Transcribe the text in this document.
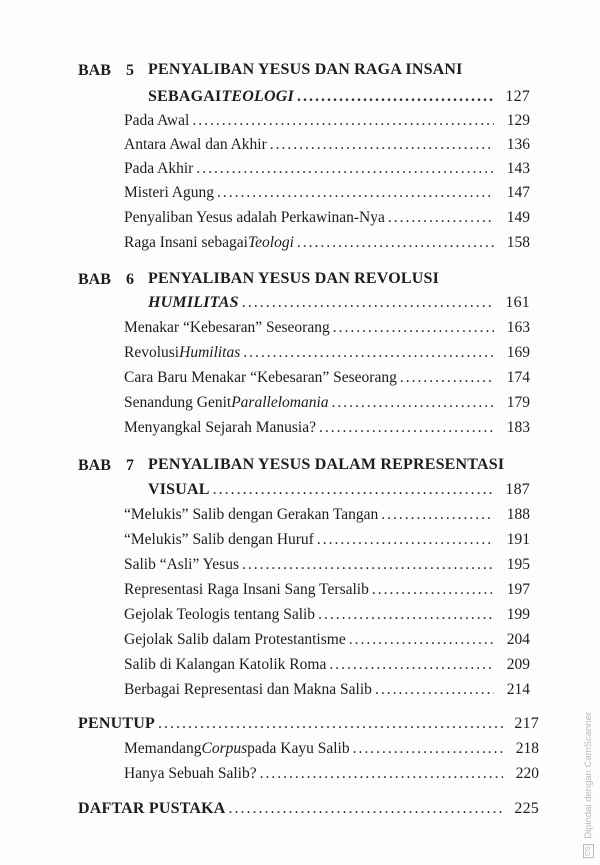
BAB 5 PENYALIBAN YESUS DAN RAGA INSANI
SEBAGAI TEOLOGI .....	127
Pada Awal .....	129
Antara Awal dan Akhir .....	136
Pada Akhir .....	143
Misteri Agung .....	147
Penyaliban Yesus adalah Perkawinan-Nya .....	149
Raga Insani sebagai Teologi .....	158
BAB 6 PENYALIBAN YESUS DAN REVOLUSI
HUMILITAS .....	161
Menakar “Kebesaran” Seseorang .....	163
Revolusi Humilitas .....	169
Cara Baru Menakar “Kebesaran” Seseorang .....	174
Senandung Genit Parallelomania .....	179
Menyangkal Sejarah Manusia? .....	183
BAB 7 PENYALIBAN YESUS DALAM REPRESENTASI
VISUAL .....	187
“Melukis” Salib dengan Gerakan Tangan .....	188
“Melukis” Salib dengan Huruf .....	191
Salib “Asli” Yesus .....	195
Representasi Raga Insani Sang Tersalib .....	197
Gejolak Teologis tentang Salib .....	199
Gejolak Salib dalam Protestantisme .....	204
Salib di Kalangan Katolik Roma .....	209
Berbagai Representasi dan Makna Salib .....	214
PENUTUP .....	217
Memandang Corpus pada Kayu Salib .....	218
Hanya Sebuah Salib? .....	220
DAFTAR PUSTAKA .....	225
CS Dipindai dengan CamScanner
